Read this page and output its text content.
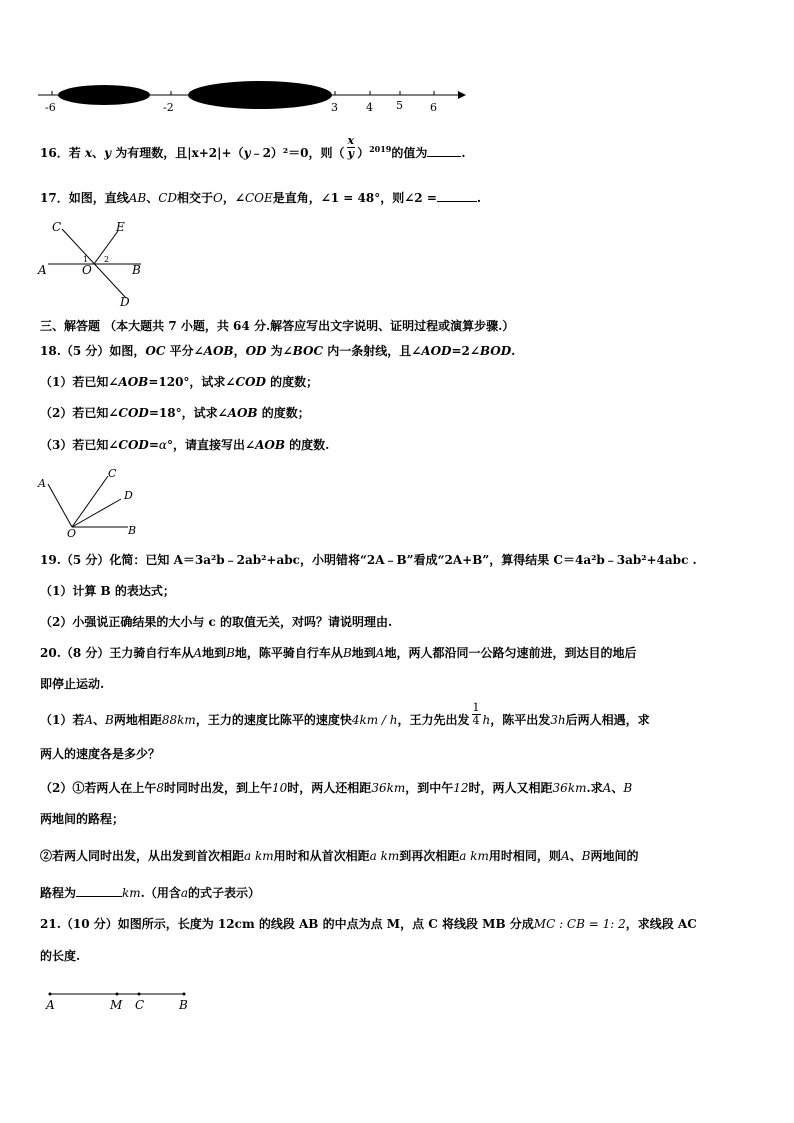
-6	-2	3	4 5 6
16．若 x、y 为有理数，且|x+2|+（y﹣2）²＝0，则（ $\frac{x}{y} )^{2019}$的值为	.
17．如图，直线AB、CD相交于O，∠COE是直角，∠1 = 48°，则∠2 =	.
C	E
A	O	B
D
1 2
三、解答题 （本大题共 7 小题，共 64 分.解答应写出文字说明、证明过程或演算步骤.）
18.（5 分）如图，OC 平分∠AOB，OD 为∠BOC 内一条射线，且∠AOD=2∠BOD.
（1）若已知∠AOB=120°，试求∠COD 的度数；
（2）若已知∠COD=18°，试求∠AOB 的度数；
（3）若已知∠COD=α°，请直接写出∠AOB 的度数.
A
C
D
O	B
19.（5 分）化简：已知 A＝3a²b﹣2ab²+abc，小明错将“2A﹣B”看成“2A+B”，算得结果 C＝4a²b﹣3ab²+4abc .
（1）计算 B 的表达式；
（2）小强说正确结果的大小与 c 的取值无关，对吗？请说明理由.
20.（8 分）王力骑自行车从A地到B地，陈平骑自行车从B地到A地，两人都沿同一公路匀速前进，到达目的地后
即停止运动.
（1）若A、B两地相距88km，王力的速度比陈平的速度快4km / h，王力先出发 $\frac{1}{4}$ h，陈平出发3h后两人相遇，求
两人的速度各是多少？
（2）①若两人在上午8时同时出发，到上午10时，两人还相距36km，到中午12时，两人又相距36km.求A、B
两地间的路程；
②若两人同时出发，从出发到首次相距a km用时和从首次相距a km到再次相距a km用时相同，则A、B两地间的
路程为	km.（用含a的式子表示）
21.（10 分）如图所示，长度为 12cm 的线段 AB 的中点为点 M，点 C 将线段 MB 分成MC : CB = 1: 2，求线段 AC
的长度.
A	M C	B
